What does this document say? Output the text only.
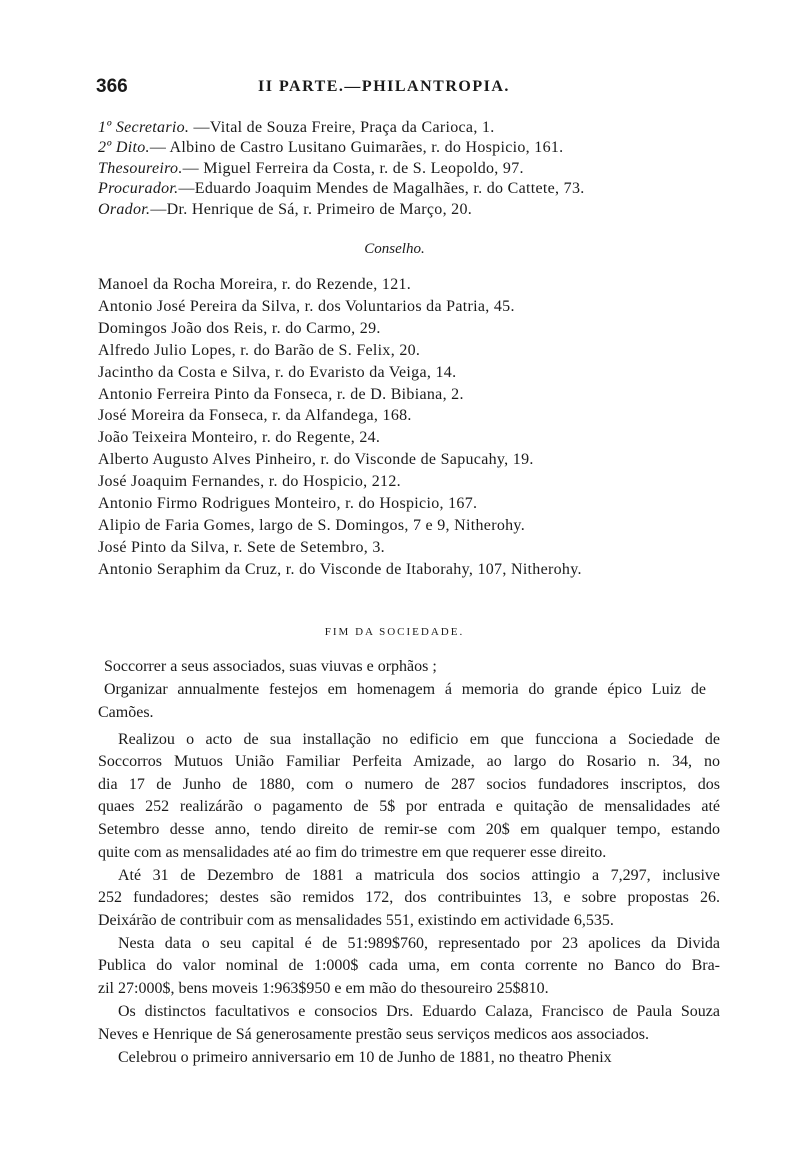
366	II PARTE.—PHILANTROPIA.
1º Secretario. —Vital de Souza Freire, Praça da Carioca, 1.
2º Dito.— Albino de Castro Lusitano Guimarães, r. do Hospicio, 161.
Thesoureiro.— Miguel Ferreira da Costa, r. de S. Leopoldo, 97.
Procurador.—Eduardo Joaquim Mendes de Magalhães, r. do Cattete, 73.
Orador.—Dr. Henrique de Sá, r. Primeiro de Março, 20.
Conselho.
Manoel da Rocha Moreira, r. do Rezende, 121.
Antonio José Pereira da Silva, r. dos Voluntarios da Patria, 45.
Domingos João dos Reis, r. do Carmo, 29.
Alfredo Julio Lopes, r. do Barão de S. Felix, 20.
Jacintho da Costa e Silva, r. do Evaristo da Veiga, 14.
Antonio Ferreira Pinto da Fonseca, r. de D. Bibiana, 2.
José Moreira da Fonseca, r. da Alfandega, 168.
João Teixeira Monteiro, r. do Regente, 24.
Alberto Augusto Alves Pinheiro, r. do Visconde de Sapucahy, 19.
José Joaquim Fernandes, r. do Hospicio, 212.
Antonio Firmo Rodrigues Monteiro, r. do Hospicio, 167.
Alipio de Faria Gomes, largo de S. Domingos, 7 e 9, Nitherohy.
José Pinto da Silva, r. Sete de Setembro, 3.
Antonio Seraphim da Cruz, r. do Visconde de Itaborahy, 107, Nitherohy.
FIM DA SOCIEDADE.
Soccorrer a seus associados, suas viuvas e orphãos ;
Organizar annualmente festejos em homenagem á memoria do grande épico Luiz de
Camões.
Realizou o acto de sua installação no edificio em que funcciona a Sociedade de
Soccorros Mutuos União Familiar Perfeita Amizade, ao largo do Rosario n. 34, no
dia 17 de Junho de 1880, com o numero de 287 socios fundadores inscriptos, dos
quaes 252 realizárão o pagamento de 5$ por entrada e quitação de mensalidades até
Setembro desse anno, tendo direito de remir-se com 20$ em qualquer tempo, estando
quite com as mensalidades até ao fim do trimestre em que requerer esse direito.
Até 31 de Dezembro de 1881 a matricula dos socios attingio a 7,297, inclusive
252 fundadores; destes são remidos 172, dos contribuintes 13, e sobre propostas 26.
Deixárão de contribuir com as mensalidades 551, existindo em actividade 6,535.
Nesta data o seu capital é de 51:989$760, representado por 23 apolices da Divida
Publica do valor nominal de 1:000$ cada uma, em conta corrente no Banco do Bra-
zil 27:000$, bens moveis 1:963$950 e em mão do thesoureiro 25$810.
Os distinctos facultativos e consocios Drs. Eduardo Calaza, Francisco de Paula Souza
Neves e Henrique de Sá generosamente prestão seus serviços medicos aos associados.
Celebrou o primeiro anniversario em 10 de Junho de 1881, no theatro Phenix
